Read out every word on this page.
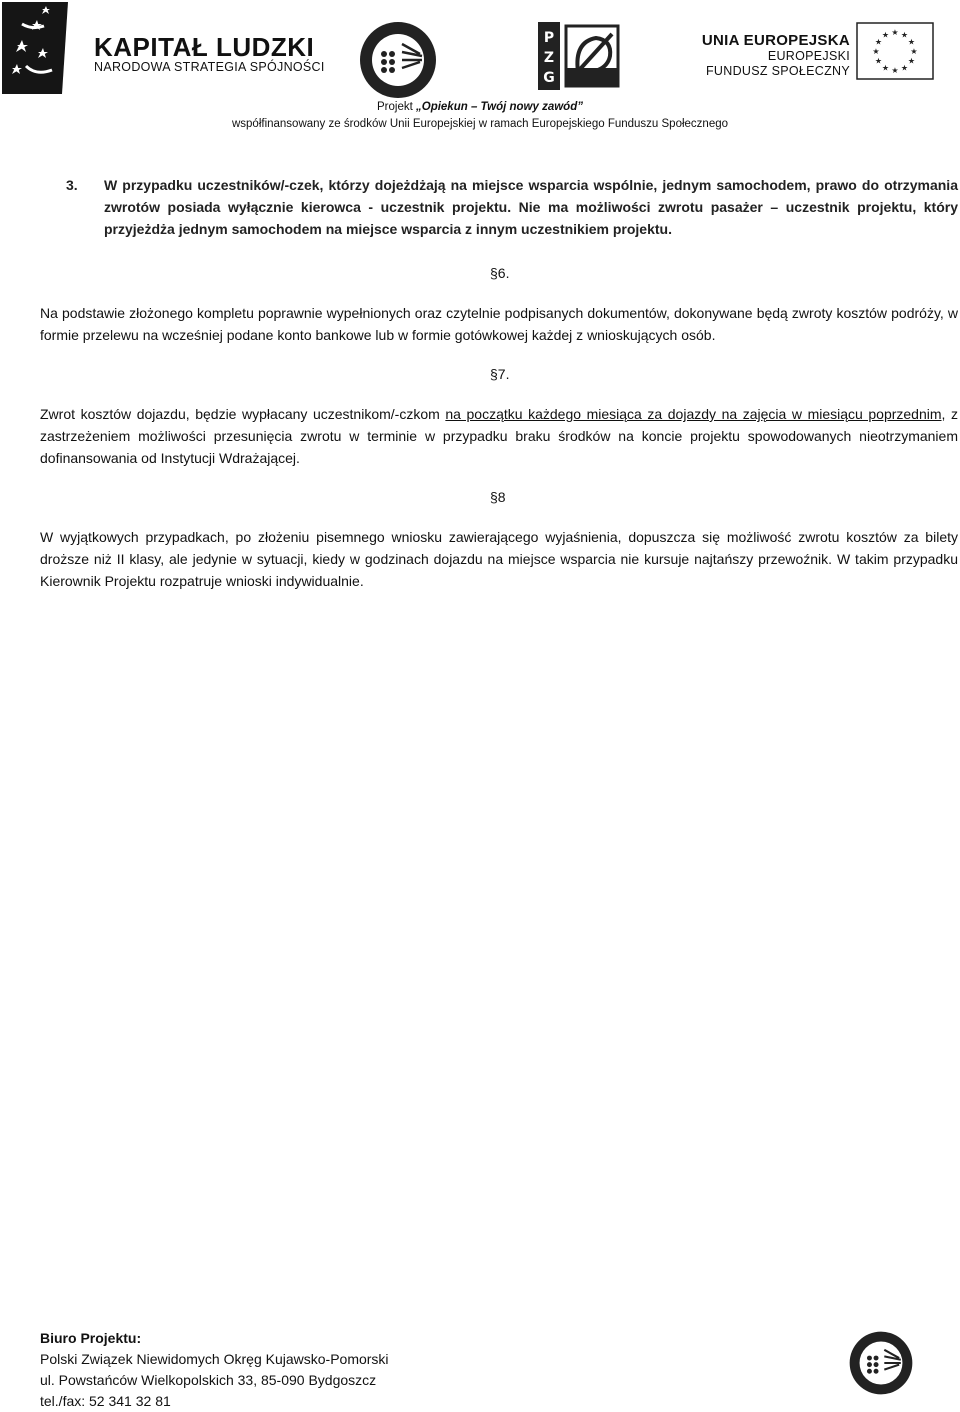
KAPITAŁ LUDZKI
NARODOWA STRATEGIA SPÓJNOŚCI
P
Z
G
UNIA EUROPEJSKA
EUROPEJSKI
FUNDUSZ SPOŁECZNY
★ ★
★
★
★
★
★
★
★
★
★
★
Projekt „Opiekun – Twój nowy zawód”
współfinansowany ze środków Unii Europejskiej w ramach Europejskiego Funduszu Społecznego
3. W przypadku uczestników/-czek, którzy dojeżdżają na miejsce wsparcia wspólnie, jednym samochodem, prawo do otrzymania zwrotów posiada wyłącznie kierowca - uczestnik projektu. Nie ma możliwości zwrotu pasażer – uczestnik projektu, który przyjeżdża jednym samochodem na miejsce wsparcia z innym uczestnikiem projektu.
§6.
Na podstawie złożonego kompletu poprawnie wypełnionych oraz czytelnie podpisanych dokumentów, dokonywane będą zwroty kosztów podróży, w formie przelewu na wcześniej podane konto bankowe lub w formie gotówkowej każdej z wnioskujących osób.
§7.
Zwrot kosztów dojazdu, będzie wypłacany uczestnikom/-czkom na początku każdego miesiąca za dojazdy na zajęcia w miesiącu poprzednim, z zastrzeżeniem możliwości przesunięcia zwrotu w terminie w przypadku braku środków na koncie projektu spowodowanych nieotrzymaniem dofinansowania od Instytucji Wdrażającej.
§8
W wyjątkowych przypadkach, po złożeniu pisemnego wniosku zawierającego wyjaśnienia, dopuszcza się możliwość zwrotu kosztów za bilety droższe niż II klasy, ale jedynie w sytuacji, kiedy w godzinach dojazdu na miejsce wsparcia nie kursuje najtańszy przewoźnik. W takim przypadku Kierownik Projektu rozpatruje wnioski indywidualnie.
Biuro Projektu:
Polski Związek Niewidomych Okręg Kujawsko-Pomorski
ul. Powstańców Wielkopolskich 33, 85-090 Bydgoszcz
tel./fax: 52 341 32 81
